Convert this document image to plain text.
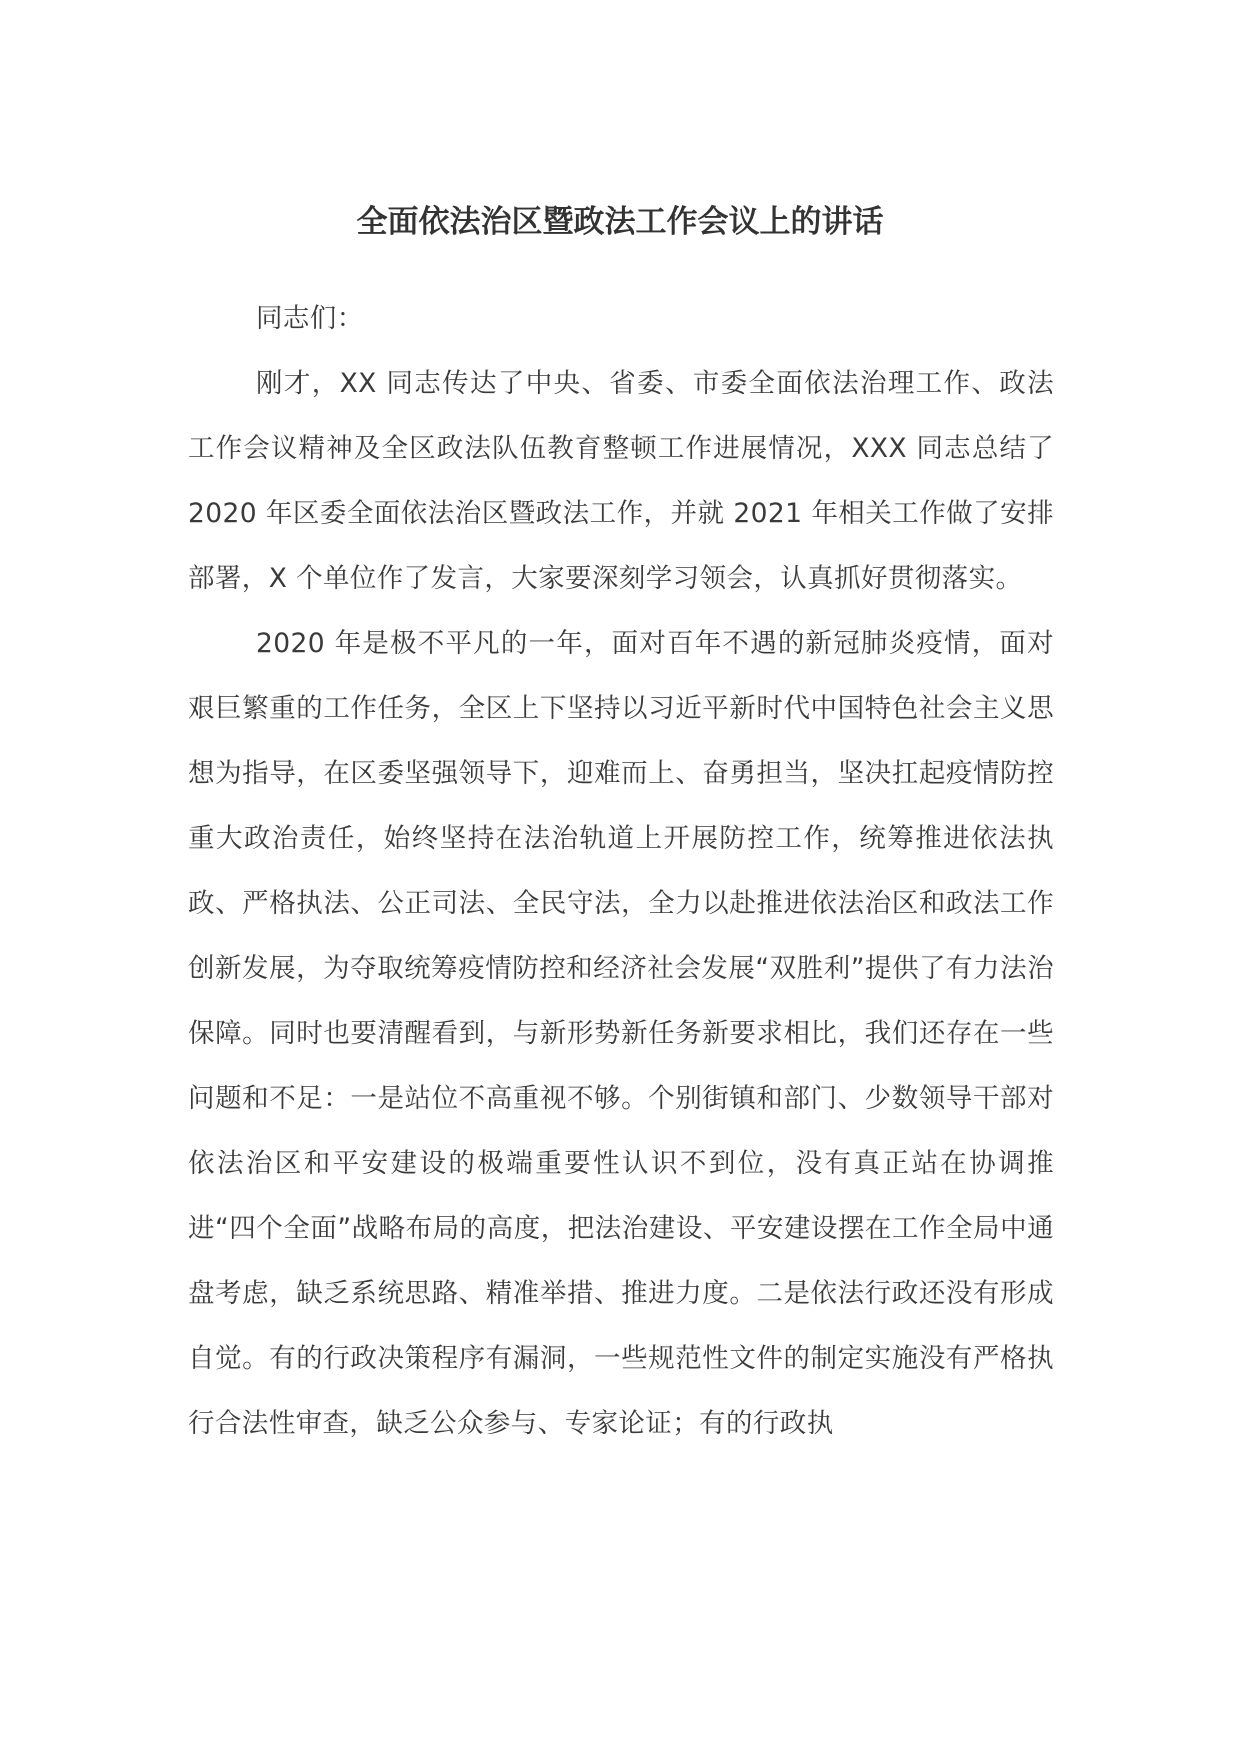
全面依法治区暨政法工作会议上的讲话

同志们：

刚才，XX 同志传达了中央、省委、市委全面依法治理工作、政法工作会议精神及全区政法队伍教育整顿工作进展情况，XXX 同志总结了 2020 年区委全面依法治区暨政法工作，并就 2021 年相关工作做了安排部署，X 个单位作了发言，大家要深刻学习领会，认真抓好贯彻落实。

2020 年是极不平凡的一年，面对百年不遇的新冠肺炎疫情，面对艰巨繁重的工作任务，全区上下坚持以习近平新时代中国特色社会主义思想为指导，在区委坚强领导下，迎难而上、奋勇担当，坚决扛起疫情防控重大政治责任，始终坚持在法治轨道上开展防控工作，统筹推进依法执政、严格执法、公正司法、全民守法，全力以赴推进依法治区和政法工作创新发展，为夺取统筹疫情防控和经济社会发展“双胜利”提供了有力法治保障。同时也要清醒看到，与新形势新任务新要求相比，我们还存在一些问题和不足：一是站位不高重视不够。个别街镇和部门、少数领导干部对依法治区和平安建设的极端重要性认识不到位，没有真正站在协调推进“四个全面”战略布局的高度，把法治建设、平安建设摆在工作全局中通盘考虑，缺乏系统思路、精准举措、推进力度。二是依法行政还没有形成自觉。有的行政决策程序有漏洞，一些规范性文件的制定实施没有严格执行合法性审查，缺乏公众参与、专家论证；有的行政执
